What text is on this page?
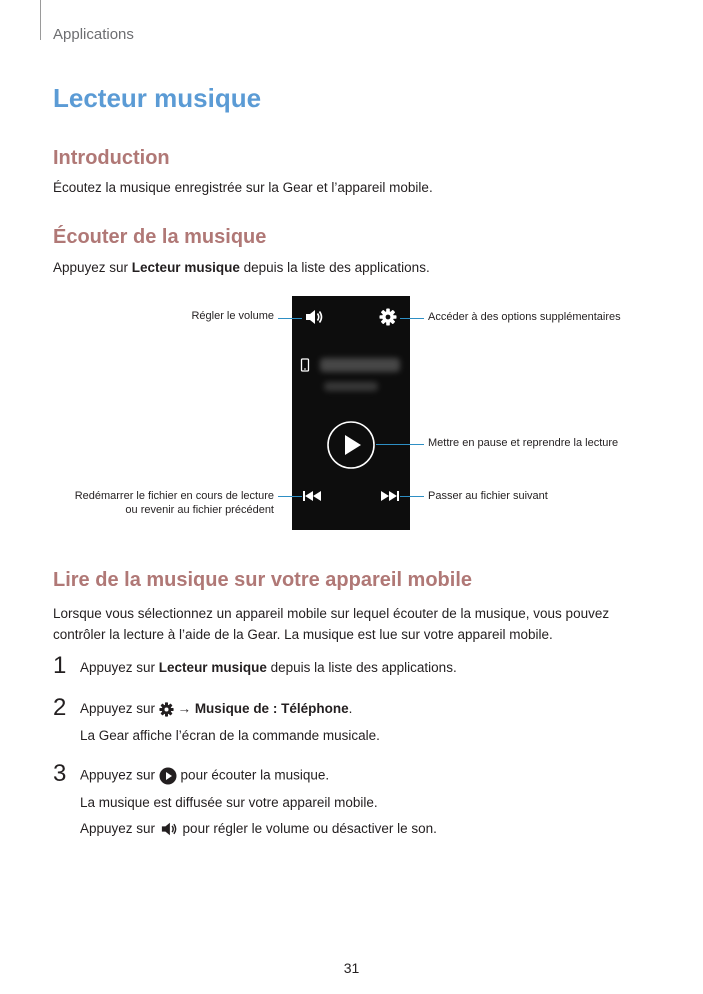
Applications
Lecteur musique
Introduction
Écoutez la musique enregistrée sur la Gear et l’appareil mobile.
Écouter de la musique
Appuyez sur Lecteur musique depuis la liste des applications.
Régler le volume	Accéder à des options supplémentaires
Mettre en pause et reprendre la lecture
Redémarrer le fichier en cours de lecture
ou revenir au fichier précédent
Passer au fichier suivant
Lire de la musique sur votre appareil mobile
Lorsque vous sélectionnez un appareil mobile sur lequel écouter de la musique, vous pouvez
contrôler la lecture à l’aide de la Gear. La musique est lue sur votre appareil mobile.
1 Appuyez sur Lecteur musique depuis la liste des applications.
2 Appuyez sur  → Musique de : Téléphone.
La Gear affiche l’écran de la commande musicale.
3 Appuyez sur  pour écouter la musique.
La musique est diffusée sur votre appareil mobile.
Appuyez sur  pour régler le volume ou désactiver le son.
31
